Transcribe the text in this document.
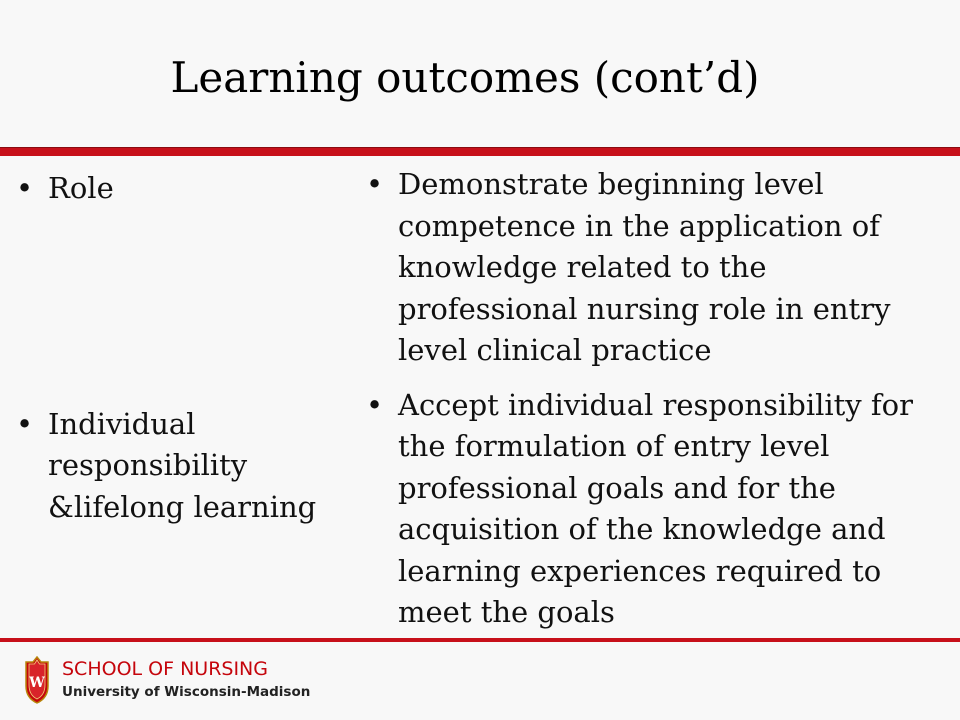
Learning outcomes (cont’d)
• Role
• Individual responsibility &lifelong learning
• Demonstrate beginning level competence in the application of knowledge related to the professional nursing role in entry level clinical practice
• Accept individual responsibility for the formulation of entry level professional goals and for the acquisition of the knowledge and learning experiences required to meet the goals
W
SCHOOL OF NURSING
University of Wisconsin-Madison
